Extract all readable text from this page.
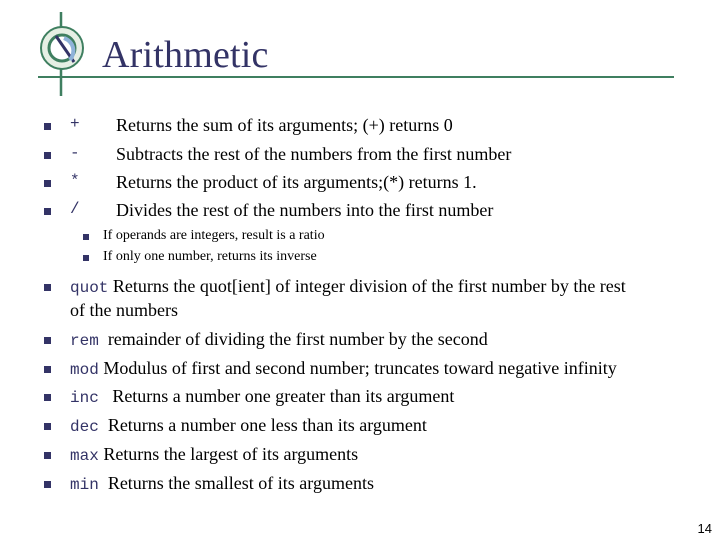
Arithmetic
+ Returns the sum of its arguments; (+) returns 0
- Subtracts the rest of the numbers from the first number
* Returns the product of its arguments;(*) returns 1.
/ Divides the rest of the numbers into the first number
If operands are integers, result is a ratio
If only one number, returns its inverse
quot Returns the quot[ient] of integer division of the first number by the rest
of the numbers
rem  remainder of dividing the first number by the second
mod Modulus of first and second number; truncates toward negative infinity
inc   Returns a number one greater than its argument
dec  Returns a number one less than its argument
max Returns the largest of its arguments
min  Returns the smallest of its arguments
14
